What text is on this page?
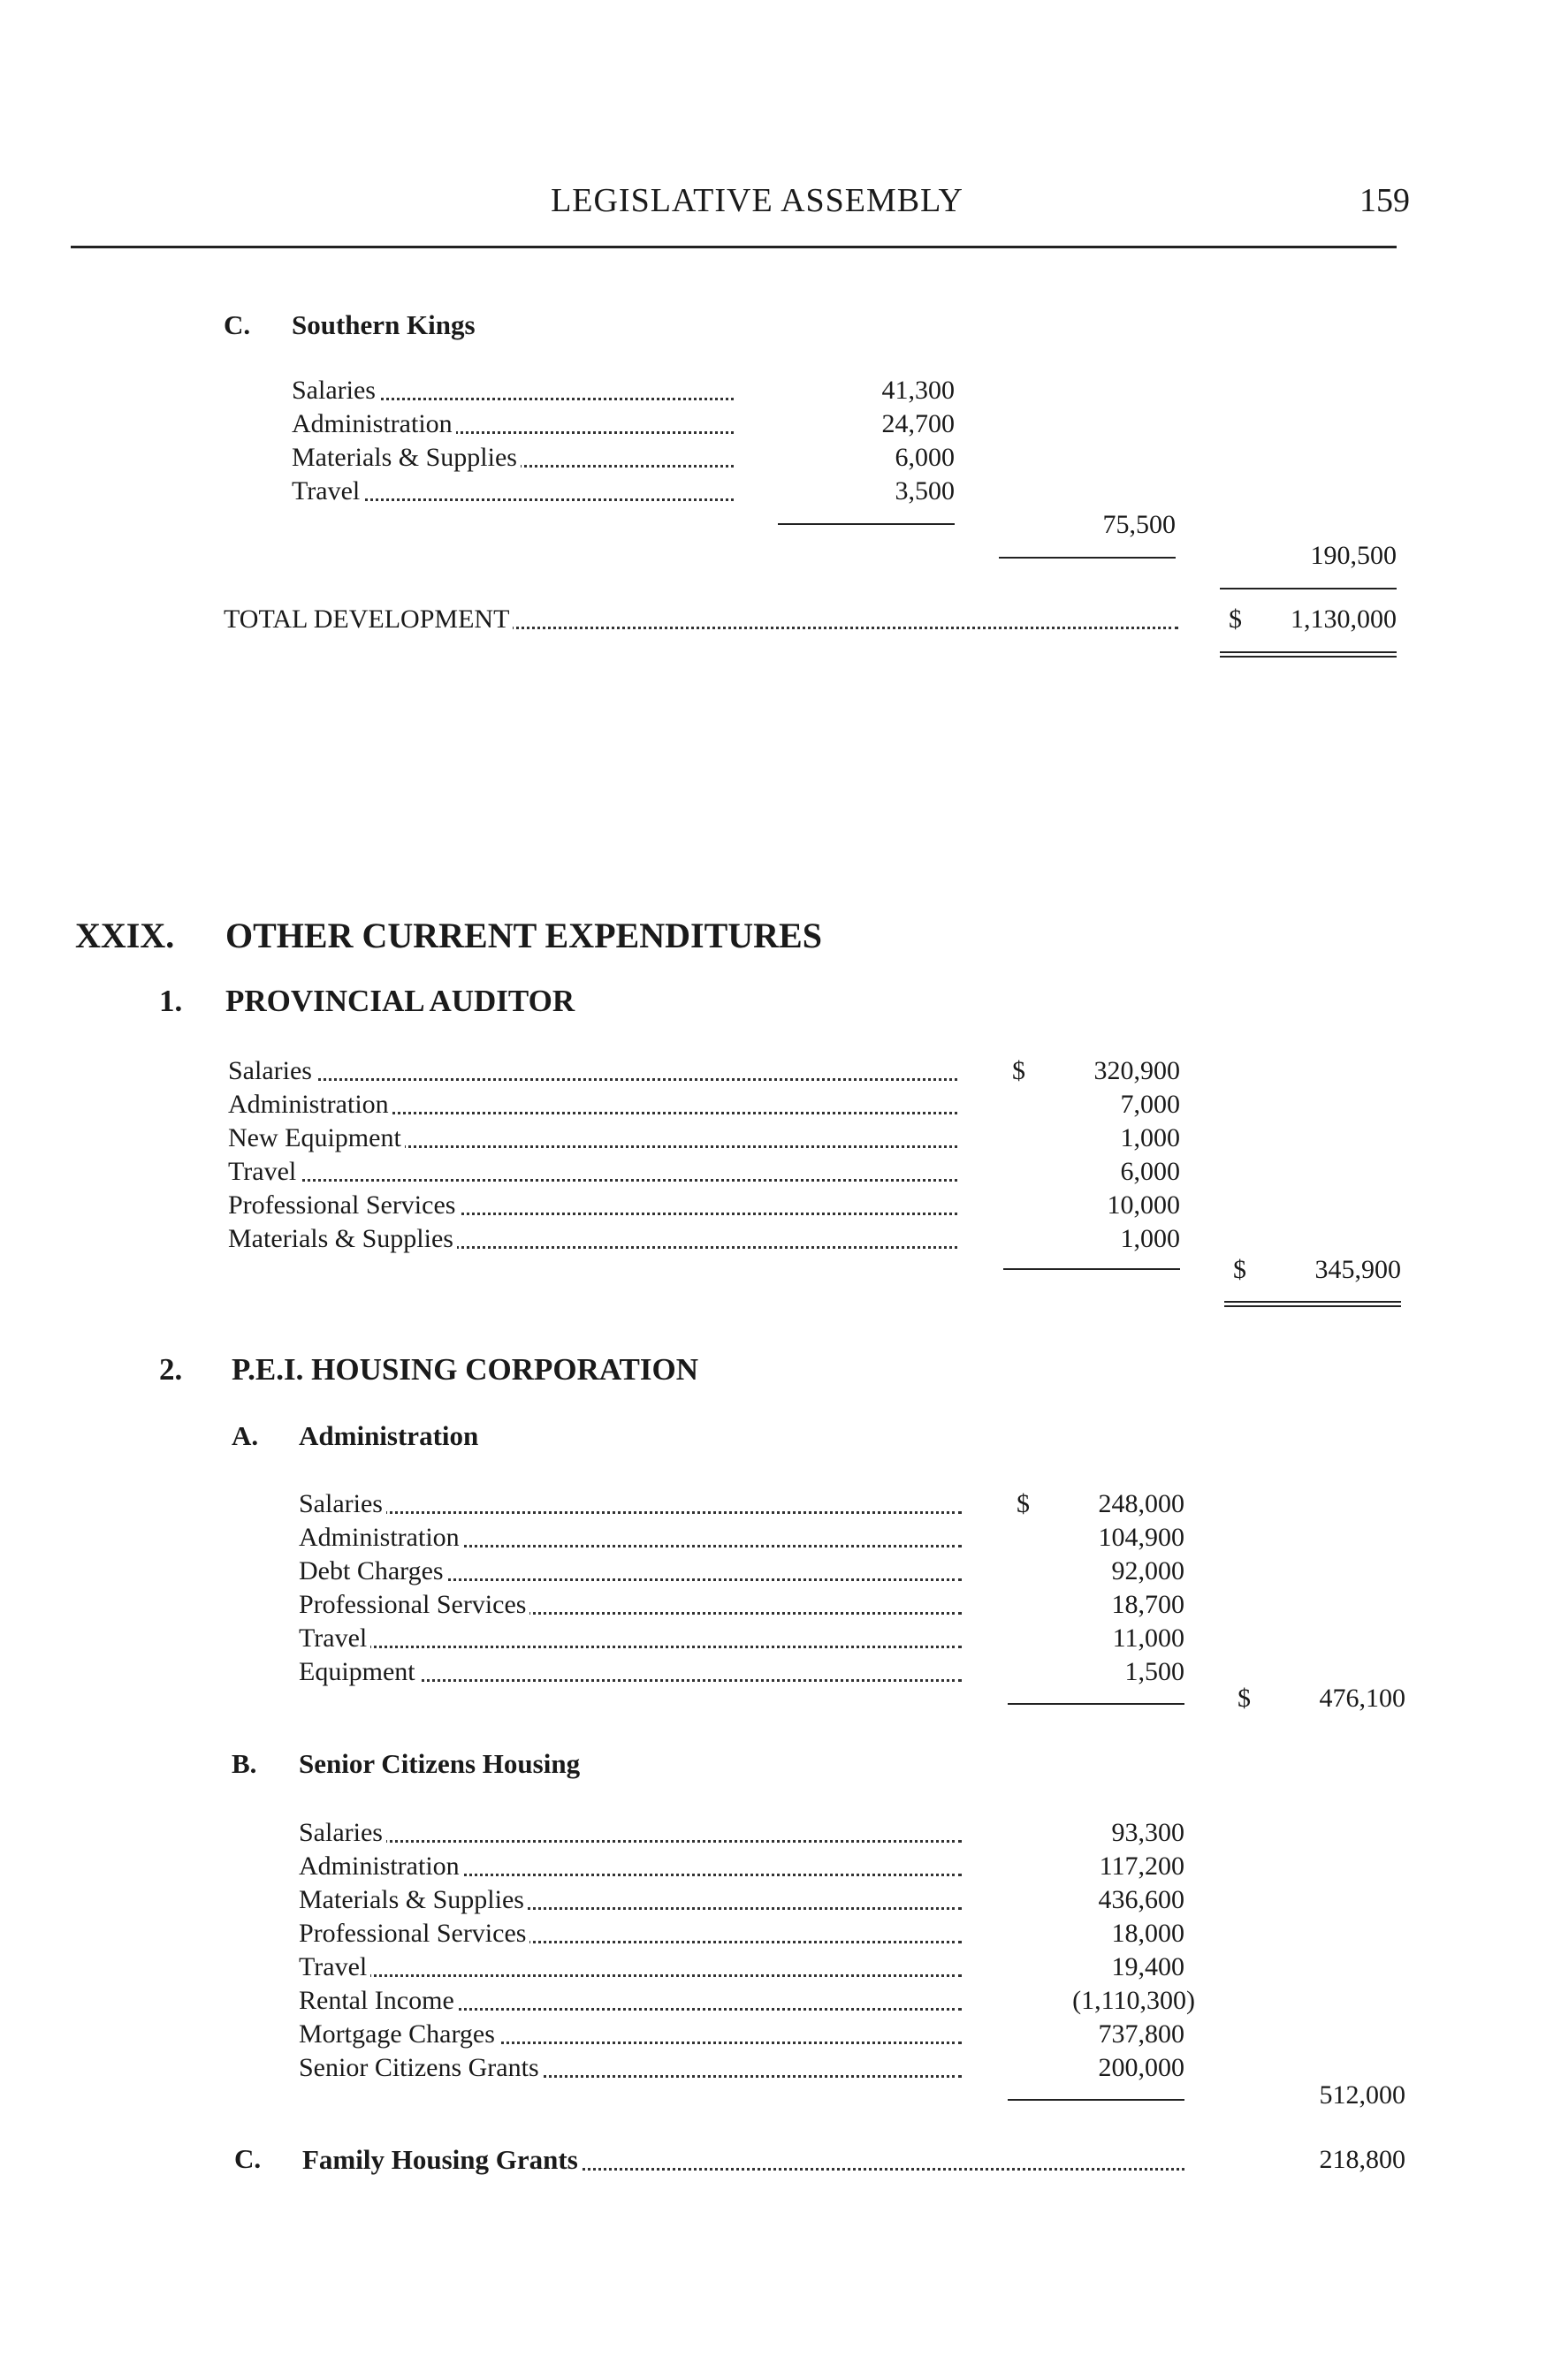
LEGISLATIVE ASSEMBLY	159
C. Southern Kings
Salaries	41,300
Administration	24,700
Materials & Supplies	6,000
Travel	3,500
75,500
190,500
TOTAL DEVELOPMENT	$	1,130,000
XXIX. OTHER CURRENT EXPENDITURES
1. PROVINCIAL AUDITOR
$
Salaries	320,900
Administration	7,000
New Equipment	1,000
Travel	6,000
Professional Services	10,000
Materials & Supplies	1,000
$	345,900
2. P.E.I. HOUSING CORPORATION
A. Administration
$
Salaries	248,000
Administration	104,900
Debt Charges	92,000
Professional Services	18,700
Travel	11,000
Equipment	1,500
$	476,100
B. Senior Citizens Housing
Salaries	93,300
Administration	117,200
Materials & Supplies	436,600
Professional Services	18,000
Travel	19,400
Rental Income	(1,110,300)
Mortgage Charges	737,800
Senior Citizens Grants	200,000
512,000
C. Family Housing Grants	218,800
